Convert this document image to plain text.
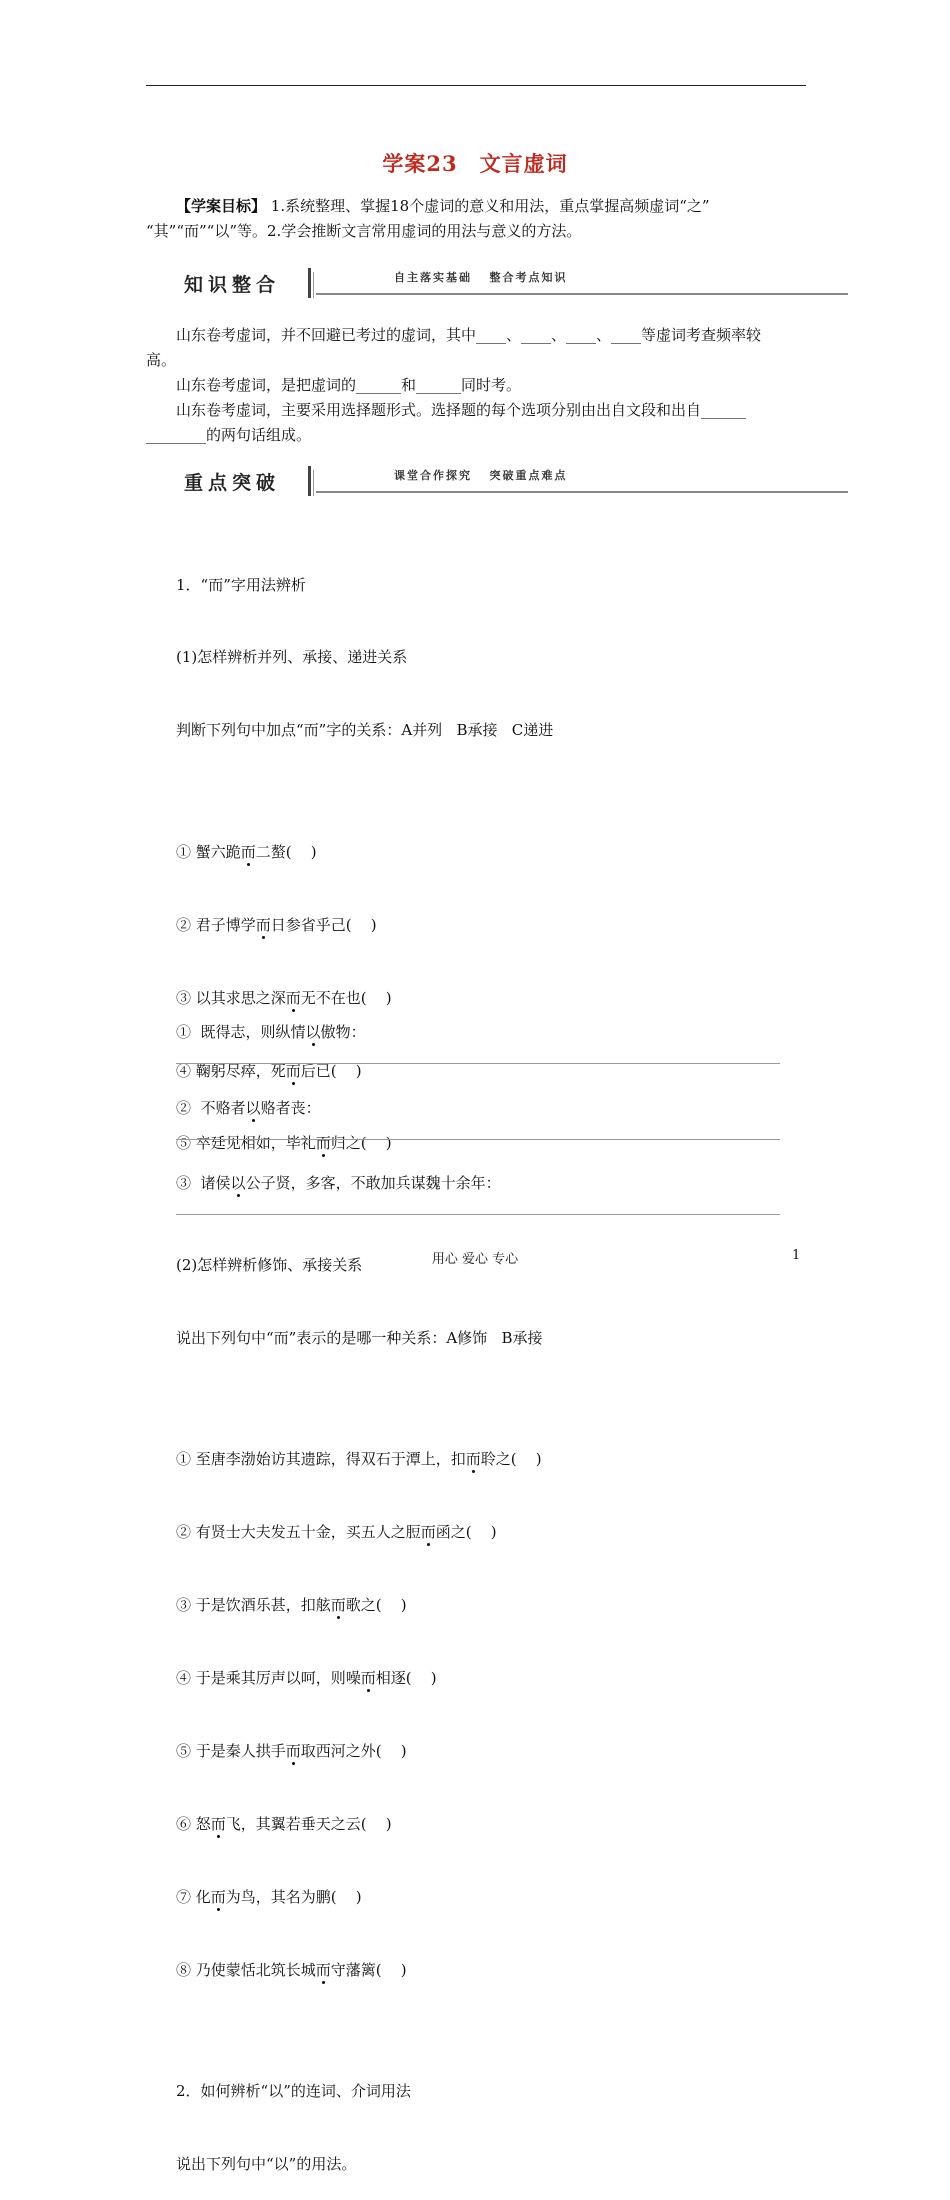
学案23 文言虚词
【学案目标】 1.系统整理、掌握18个虚词的意义和用法，重点掌握高频虚词“之”
“其”“而”“以”等。2.学会推断文言常用虚词的用法与意义的方法。
知识整合	自主落实基础   整合考点知识
山东卷考虚词，并不回避已考过的虚词，其中____、____、____、____等虚词考查频率较
高。
山东卷考虚词，是把虚词的______和______同时考。
山东卷考虚词，主要采用选择题形式。选择题的每个选项分别由出自文段和出自______
________的两句话组成。
重点突破	课堂合作探究   突破重点难点

1．“而”字用法辨析

(1)怎样辨析并列、承接、递进关系

判断下列句中加点“而”字的关系：A并列   B承接   C递进

① 蟹六跪而二螯(    )

② 君子博学而日参省乎己(    )

③ 以其求思之深而无不在也(    )

④ 鞠躬尽瘁，死而后已(    )

⑤ 卒廷见相如，毕礼而归之(    )

(2)怎样辨析修饰、承接关系

说出下列句中“而”表示的是哪一种关系：A修饰   B承接

① 至唐李渤始访其遗踪，得双石于潭上，扣而聆之(    )

② 有贤士大夫发五十金，买五人之脰而函之(    )

③ 于是饮酒乐甚，扣舷而歌之(    )

④ 于是乘其厉声以呵，则噪而相逐(    )

⑤ 于是秦人拱手而取西河之外(    )

⑥ 怒而飞，其翼若垂天之云(    )

⑦ 化而为鸟，其名为鹏(    )

⑧ 乃使蒙恬北筑长城而守藩篱(    )

2．如何辨析“以”的连词、介词用法

说出下列句中“以”的用法。

①  既得志，则纵情以傲物：
②  不赂者以赂者丧：
③  诸侯以公子贤，多客，不敢加兵谋魏十余年：
用心 爱心 专心	1
